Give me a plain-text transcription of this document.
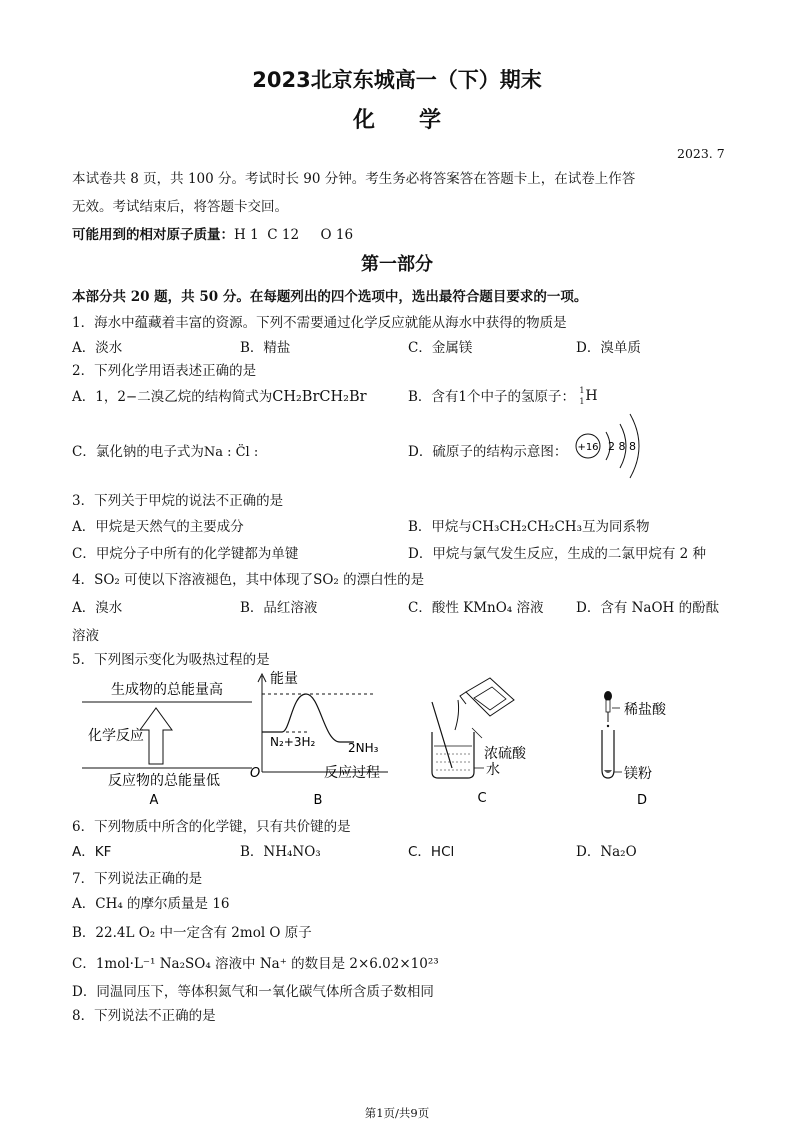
2023北京东城高一（下）期末
化　　学
2023. 7
本试卷共 8 页，共 100 分。考试时长 90 分钟。考生务必将答案答在答题卡上，在试卷上作答
无效。考试结束后，将答题卡交回。
可能用到的相对原子质量：H 1  C 12     O 16
第一部分
本部分共 20 题，共 50 分。在每题列出的四个选项中，选出最符合题目要求的一项。
1．海水中蕴藏着丰富的资源。下列不需要通过化学反应就能从海水中获得的物质是
A．淡水	B．精盐	C．金属镁	D．溴单质
2．下列化学用语表述正确的是
A．1，2−二溴乙烷的结构简式为CH₂BrCH₂Br	B．含有1个中子的氢原子： 1
1 H
C．氯化钠的电子式为Na : C̈l :	D．硫原子的结构示意图： +16 2 8 8
3．下列关于甲烷的说法不正确的是
A．甲烷是天然气的主要成分	B．甲烷与CH₃CH₂CH₂CH₃互为同系物
C．甲烷分子中所有的化学键都为单键	D．甲烷与氯气发生反应，生成的二氯甲烷有 2 种
4．SO₂ 可使以下溶液褪色，其中体现了SO₂ 的漂白性的是
A．溴水	B．品红溶液	C．酸性 KMnO₄ 溶液 D．含有 NaOH 的酚酞
溶液
5．下列图示变化为吸热过程的是
生成物的总能量高
化学反应
反应物的总能量低
A
能量
N₂+3H₂	2NH₃
O	反应过程
B
浓硫酸
水
C
稀盐酸
镁粉
D
6．下列物质中所含的化学键，只有共价键的是
A．KF	B．NH₄NO₃	C．HCl	D．Na₂O
7．下列说法正确的是
A．CH₄ 的摩尔质量是 16
B．22.4L O₂ 中一定含有 2mol O 原子
C．1mol·L⁻¹ Na₂SO₄ 溶液中 Na⁺ 的数目是 2×6.02×10²³
D．同温同压下，等体积氮气和一氧化碳气体所含质子数相同
8．下列说法不正确的是
第1页/共9页
